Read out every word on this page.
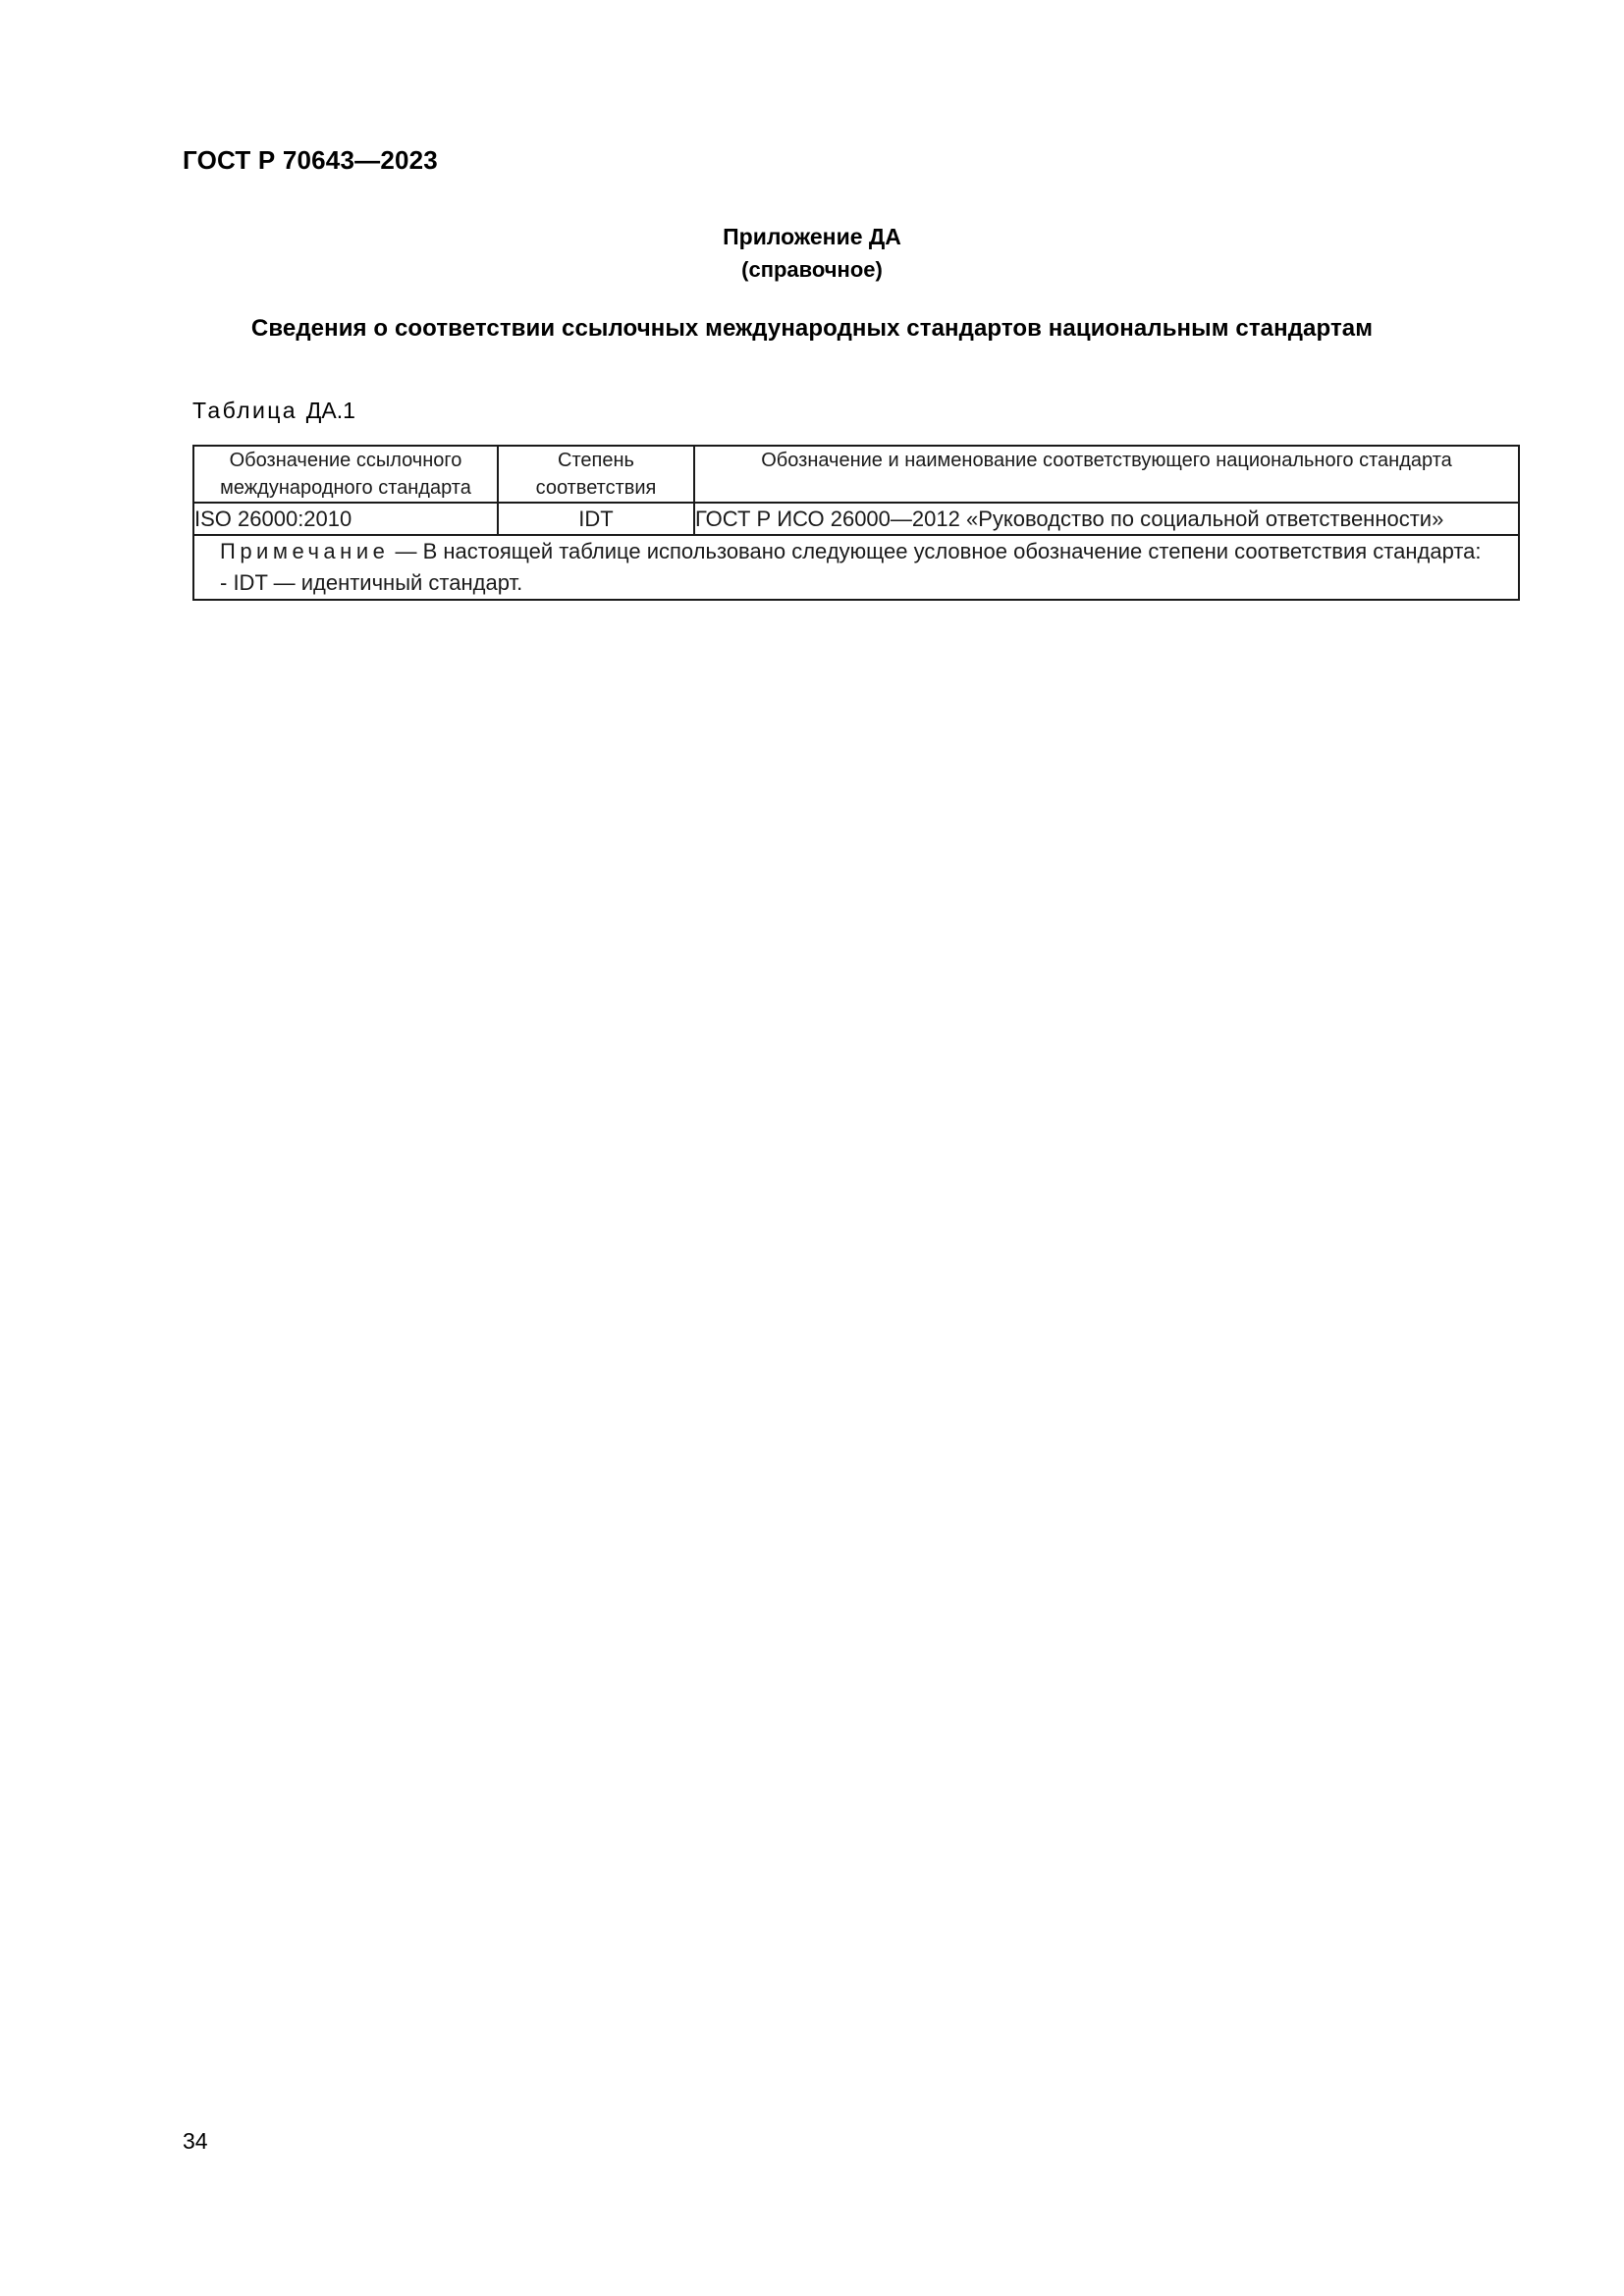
ГОСТ Р 70643—2023
Приложение ДА
(справочное)
Сведения о соответствии ссылочных международных стандартов национальным стандартам
Таблица ДА.1
Обозначение ссылочного международного стандарта	Степень соответствия	Обозначение и наименование соответствующего национального стандарта
ISO 26000:2010	IDT	ГОСТ Р ИСО 26000—2012 «Руководство по социальной ответственности»
Примечание — В настоящей таблице использовано следующее условное обозначение степени соответствия стандарта:
- IDT — идентичный стандарт.		
34
